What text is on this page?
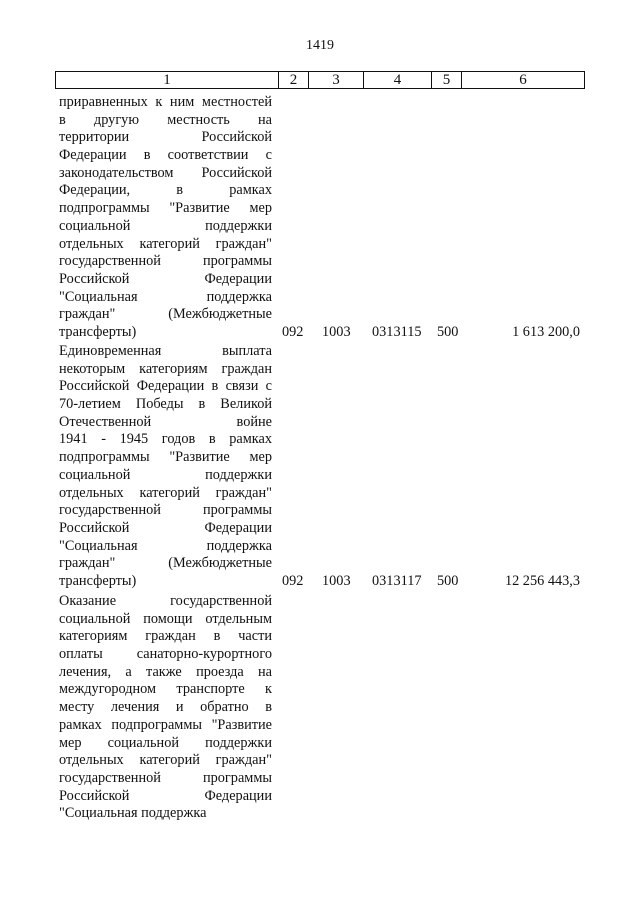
1419
1	2	3	4	5	6
приравненных к ним местностей
в другую местность на
территории Российской
Федерации в соответствии с
законодательством Российской
Федерации, в рамках
подпрограммы "Развитие мер
социальной поддержки
отдельных категорий граждан"
государственной программы
Российской Федерации
"Социальная поддержка
граждан" (Межбюджетные
трансферты)	092 1003 0313115 500	1 613 200,0
Единовременная выплата
некоторым категориям граждан
Российской Федерации в связи с
70-летием Победы в Великой
Отечественной войне
1941 - 1945 годов в рамках
подпрограммы "Развитие мер
социальной поддержки
отдельных категорий граждан"
государственной программы
Российской Федерации
"Социальная поддержка
граждан" (Межбюджетные
трансферты)	092 1003 0313117 500	12 256 443,3
Оказание государственной
социальной помощи отдельным
категориям граждан в части
оплаты санаторно-курортного
лечения, а также проезда на
междугородном транспорте к
месту лечения и обратно в
рамках подпрограммы "Развитие
мер социальной поддержки
отдельных категорий граждан"
государственной программы
Российской Федерации
"Социальная поддержка
